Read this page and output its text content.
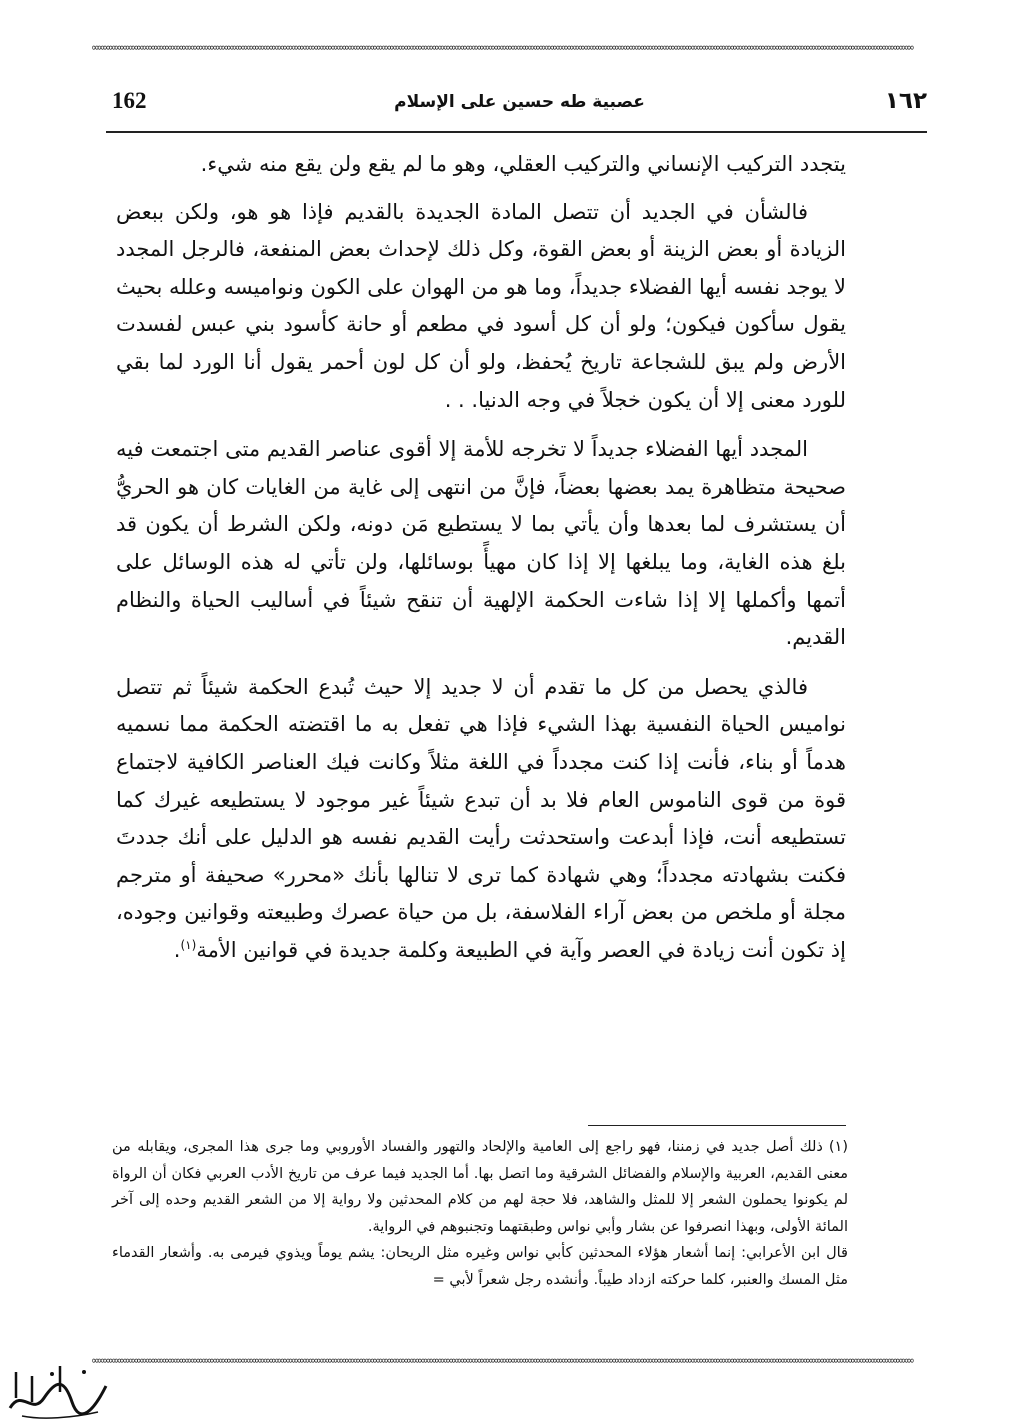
∞∞∞∞∞∞∞∞∞∞∞∞∞∞∞∞∞∞∞∞∞∞∞∞∞∞∞∞∞∞∞∞∞∞∞∞∞∞∞∞∞∞∞∞∞∞∞∞∞∞∞∞∞∞∞∞∞∞∞∞∞∞∞∞∞∞∞∞∞∞∞∞∞∞∞∞∞∞∞∞∞∞∞∞∞∞∞∞∞∞∞∞∞∞∞∞∞∞∞∞∞∞∞∞∞∞∞∞∞∞∞∞∞∞∞∞∞∞∞∞∞∞∞∞∞∞∞∞∞∞∞∞∞∞∞∞∞∞∞∞∞∞∞∞∞∞
162	عصبية طه حسين على الإسلام	١٦٢

يتجدد التركيب الإنساني والتركيب العقلي، وهو ما لم يقع ولن يقع منه شيء.

فالشأن في الجديد أن تتصل المادة الجديدة بالقديم فإذا هو هو، ولكن ببعض الزيادة أو بعض الزينة أو بعض القوة، وكل ذلك لإحداث بعض المنفعة، فالرجل المجدد لا يوجد نفسه أيها الفضلاء جديداً، وما هو من الهوان على الكون ونواميسه وعلله بحيث يقول سأكون فيكون؛ ولو أن كل أسود في مطعم أو حانة كأسود بني عبس لفسدت الأرض ولم يبق للشجاعة تاريخ يُحفظ، ولو أن كل لون أحمر يقول أنا الورد لما بقي للورد معنى إلا أن يكون خجلاً في وجه الدنيا. . .

المجدد أيها الفضلاء جديداً لا تخرجه للأمة إلا أقوى عناصر القديم متى اجتمعت فيه صحيحة متظاهرة يمد بعضها بعضاً، فإنَّ من انتهى إلى غاية من الغايات كان هو الحريُّ أن يستشرف لما بعدها وأن يأتي بما لا يستطيع مَن دونه، ولكن الشرط أن يكون قد بلغ هذه الغاية، وما يبلغها إلا إذا كان مهيأً بوسائلها، ولن تأتي له هذه الوسائل على أتمها وأكملها إلا إذا شاءت الحكمة الإلهية أن تنقح شيئاً في أساليب الحياة والنظام القديم.

فالذي يحصل من كل ما تقدم أن لا جديد إلا حيث تُبدع الحكمة شيئاً ثم تتصل نواميس الحياة النفسية بهذا الشيء فإذا هي تفعل به ما اقتضته الحكمة مما نسميه هدماً أو بناء، فأنت إذا كنت مجدداً في اللغة مثلاً وكانت فيك العناصر الكافية لاجتماع قوة من قوى الناموس العام فلا بد أن تبدع شيئاً غير موجود لا يستطيعه غيرك كما تستطيعه أنت، فإذا أبدعت واستحدثت رأيت القديم نفسه هو الدليل على أنك جددتَ فكنت بشهادته مجدداً؛ وهي شهادة كما ترى لا تنالها بأنك «محرر» صحيفة أو مترجم مجلة أو ملخص من بعض آراء الفلاسفة، بل من حياة عصرك وطبيعته وقوانين وجوده، إذ تكون أنت زيادة في العصر وآية في الطبيعة وكلمة جديدة في قوانين الأمة$^{(١)}$.

(١)ذلك أصل جديد في زمننا، فهو راجع إلى العامية والإلحاد والتهور والفساد الأوروبي وما جرى هذا المجرى، ويقابله من معنى القديم، العربية والإسلام والفضائل الشرقية وما اتصل بها. أما الجديد فيما عرف من تاريخ الأدب العربي فكان أن الرواة لم يكونوا يحملون الشعر إلا للمثل والشاهد، فلا حجة لهم من كلام المحدثين ولا رواية إلا من الشعر القديم وحده إلى آخر المائة الأولى، وبهذا انصرفوا عن بشار وأبي نواس وطبقتهما وتجنبوهم في الرواية.

قال ابن الأعرابي: إنما أشعار هؤلاء المحدثين كأبي نواس وغيره مثل الريحان: يشم يوماً ويذوي فيرمى به. وأشعار القدماء مثل المسك والعنبر، كلما حركته ازداد طيباً. وأنشده رجل شعراً لأبي =

∞∞∞∞∞∞∞∞∞∞∞∞∞∞∞∞∞∞∞∞∞∞∞∞∞∞∞∞∞∞∞∞∞∞∞∞∞∞∞∞∞∞∞∞∞∞∞∞∞∞∞∞∞∞∞∞∞∞∞∞∞∞∞∞∞∞∞∞∞∞∞∞∞∞∞∞∞∞∞∞∞∞∞∞∞∞∞∞∞∞∞∞∞∞∞∞∞∞∞∞∞∞∞∞∞∞∞∞∞∞∞∞∞∞∞∞∞∞∞∞∞∞∞∞∞∞∞∞∞∞∞∞∞∞∞∞∞∞∞∞∞∞∞∞∞∞
